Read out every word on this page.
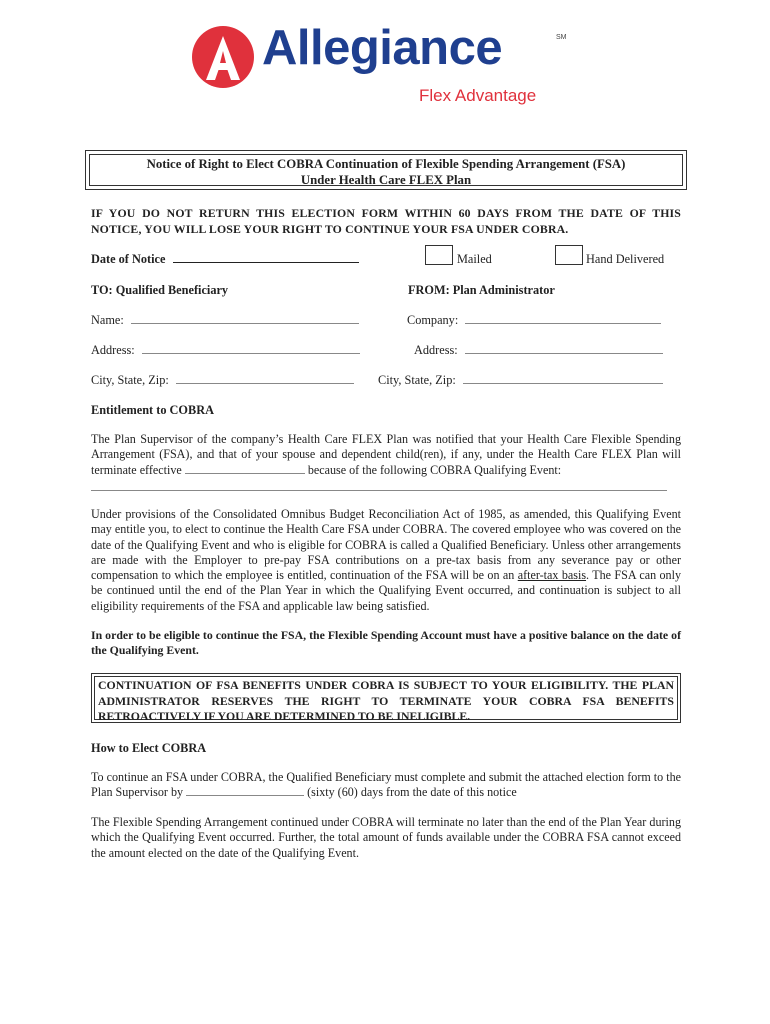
Allegiance	SM
Flex Advantage
Notice of Right to Elect COBRA Continuation of Flexible Spending Arrangement (FSA)
Under Health Care FLEX Plan
IF YOU DO NOT RETURN THIS ELECTION FORM WITHIN 60 DAYS FROM THE DATE OF THIS NOTICE, YOU WILL LOSE YOUR RIGHT TO CONTINUE YOUR FSA UNDER COBRA.
Date of Notice	Mailed	Hand Delivered
TO: Qualified Beneficiary	FROM: Plan Administrator
Name:	Company:
Address:	Address:
City, State, Zip:	City, State, Zip:
Entitlement to COBRA
The Plan Supervisor of the company’s Health Care FLEX Plan was notified that your Health Care Flexible Spending Arrangement (FSA), and that of your spouse and dependent child(ren), if any, under the Health Care FLEX Plan will terminate effective	because of the following COBRA Qualifying Event:
Under provisions of the Consolidated Omnibus Budget Reconciliation Act of 1985, as amended, this Qualifying Event may entitle you, to elect to continue the Health Care FSA under COBRA. The covered employee who was covered on the date of the Qualifying Event and who is eligible for COBRA is called a Qualified Beneficiary. Unless other arrangements are made with the Employer to pre-pay FSA contributions on a pre-tax basis from any severance pay or other compensation to which the employee is entitled, continuation of the FSA will be on an after-tax basis. The FSA can only be continued until the end of the Plan Year in which the Qualifying Event occurred, and continuation is subject to all eligibility requirements of the FSA and applicable law being satisfied.
In order to be eligible to continue the FSA, the Flexible Spending Account must have a positive balance on the date of the Qualifying Event.
CONTINUATION OF FSA BENEFITS UNDER COBRA IS SUBJECT TO YOUR ELIGIBILITY. THE PLAN ADMINISTRATOR RESERVES THE RIGHT TO TERMINATE YOUR COBRA FSA BENEFITS RETROACTIVELY IF YOU ARE DETERMINED TO BE INELIGIBLE.
How to Elect COBRA
To continue an FSA under COBRA, the Qualified Beneficiary must complete and submit the attached election form to the Plan Supervisor by	(sixty (60) days from the date of this notice
The Flexible Spending Arrangement continued under COBRA will terminate no later than the end of the Plan Year during which the Qualifying Event occurred. Further, the total amount of funds available under the COBRA FSA cannot exceed the amount elected on the date of the Qualifying Event.
